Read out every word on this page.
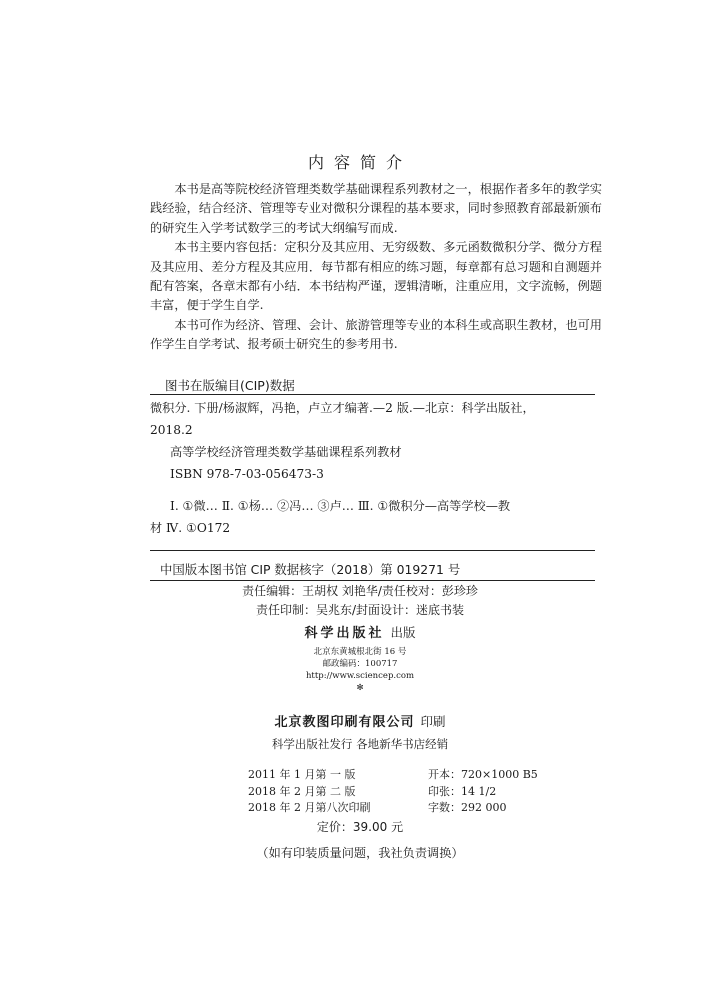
内容简介

本书是高等院校经济管理类数学基础课程系列教材之一，根据作者多年的教学实践经验，结合经济、管理等专业对微积分课程的基本要求，同时参照教育部最新颁布的研究生入学考试数学三的考试大纲编写而成.

本书主要内容包括：定积分及其应用、无穷级数、多元函数微积分学、微分方程及其应用、差分方程及其应用．每节都有相应的练习题，每章都有总习题和自测题并配有答案，各章末都有小结．本书结构严谨，逻辑清晰，注重应用，文字流畅，例题丰富，便于学生自学.

本书可作为经济、管理、会计、旅游管理等专业的本科生或高职生教材，也可用作学生自学考试、报考硕士研究生的参考用书.

图书在版编目(CIP)数据

微积分. 下册/杨淑辉，冯艳，卢立才编著.—2 版.—北京：科学出版社，

2018.2

高等学校经济管理类数学基础课程系列教材

ISBN 978-7-03-056473-3

Ⅰ. ①微… Ⅱ. ①杨… ②冯… ③卢… Ⅲ. ①微积分—高等学校—教

材 Ⅳ. ①O172

中国版本图书馆 CIP 数据核字（2018）第 019271 号
责任编辑：王胡权 刘艳华/责任校对：彭珍珍
责任印制：吴兆东/封面设计：迷底书装
科学出版社 出版
北京东黄城根北街 16 号
邮政编码：100717
http://www.sciencep.com
✻
北京教图印刷有限公司 印刷
科学出版社发行 各地新华书店经销
2011 年 1 月第 一 版	开本：720×1000 B5
2018 年 2 月第 二 版	印张：14 1/2
2018 年 2 月第八次印刷	字数：292 000
定价：39.00 元
（如有印装质量问题，我社负责调换）
